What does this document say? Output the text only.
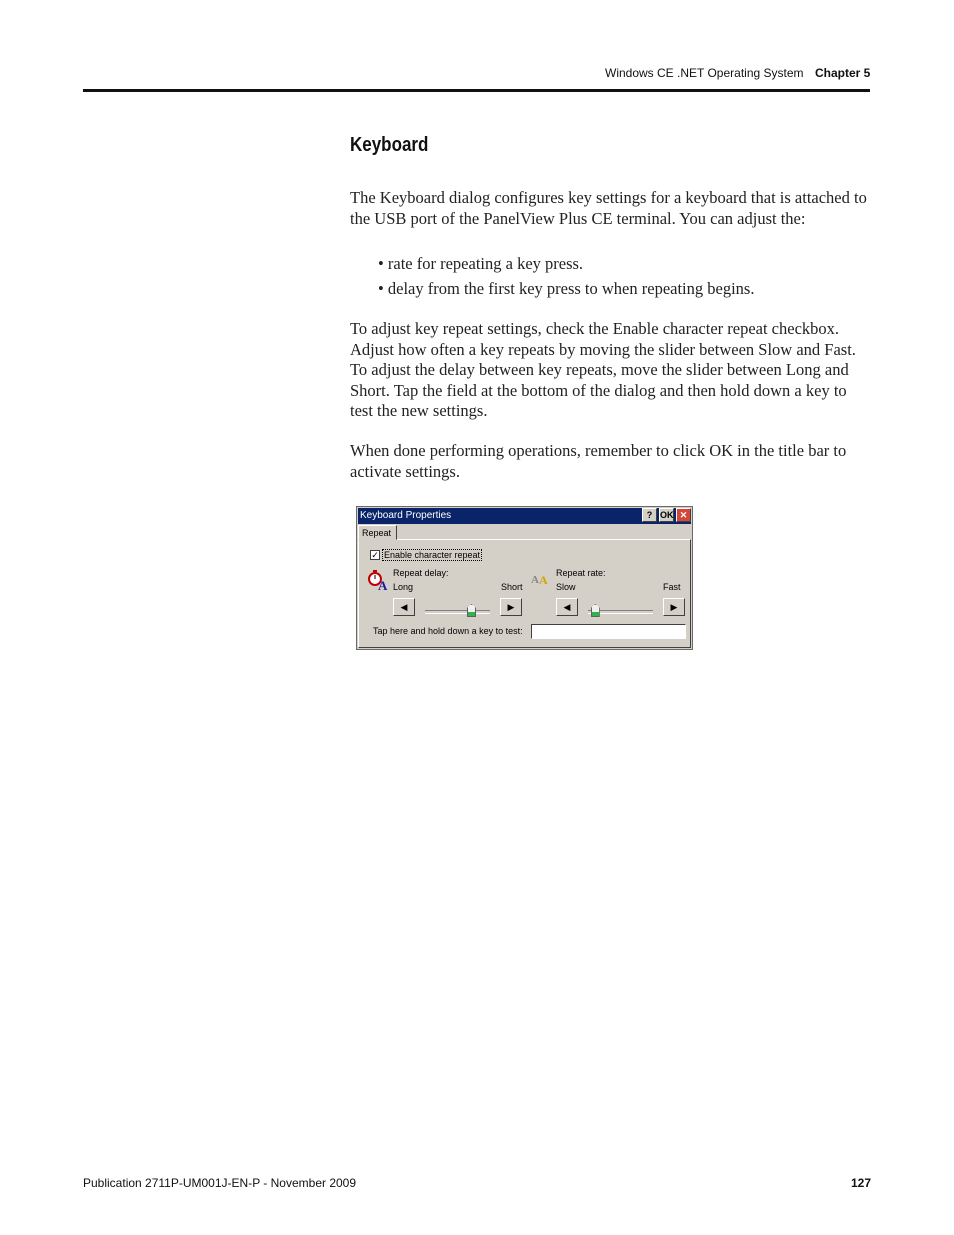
Windows CE .NET Operating System Chapter 5
Keyboard

The Keyboard dialog configures key settings for a keyboard that is attached to the USB port of the PanelView Plus CE terminal. You can adjust the:

• rate for repeating a key press.
• delay from the first key press to when repeating begins.

To adjust key repeat settings, check the Enable character repeat checkbox. Adjust how often a key repeats by moving the slider between Slow and Fast. To adjust the delay between key repeats, move the slider between Long and Short. Tap the field at the bottom of the dialog and then hold down a key to test the new settings.

When done performing operations, remember to click OK in the title bar to activate settings.

Keyboard Properties	? OK ✕
Repeat
✓ Enable character repeat
A
Repeat delay:
Long	Short
◀	▶
A A Repeat rate:
Slow	Fast
◀	▶
Tap here and hold down a key to test:
Publication 2711P-UM001J-EN-P - November 2009	127
